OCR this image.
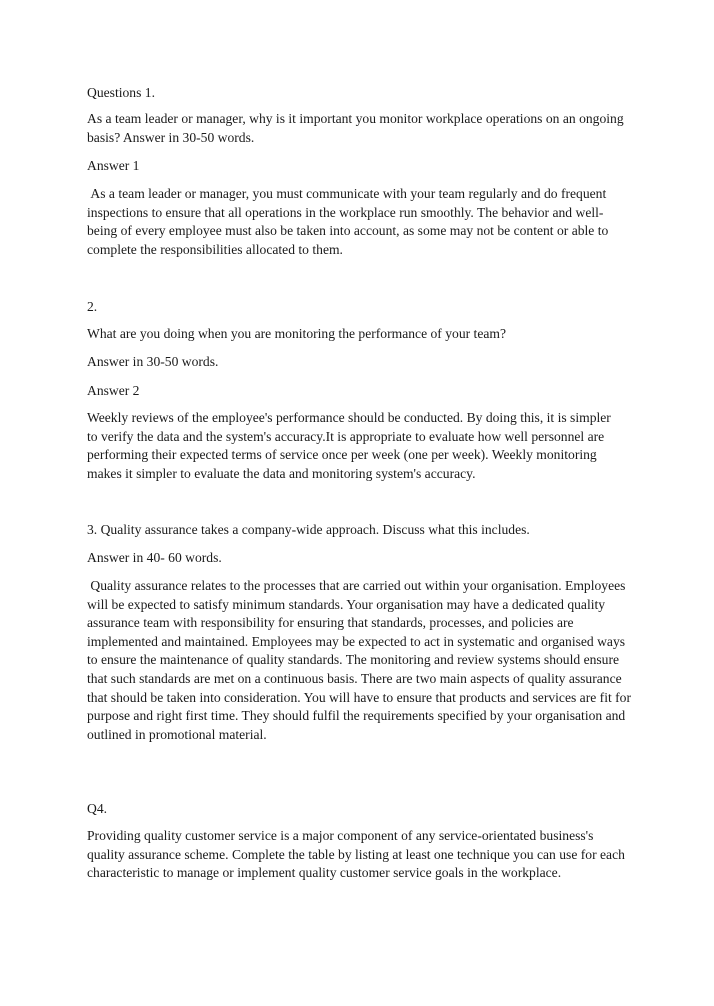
Questions 1.
As a team leader or manager, why is it important you monitor workplace operations on an ongoing basis? Answer in 30-50 words.
Answer 1
As a team leader or manager, you must communicate with your team regularly and do frequent inspections to ensure that all operations in the workplace run smoothly. The behavior and well-being of every employee must also be taken into account, as some may not be content or able to complete the responsibilities allocated to them.
2.
What are you doing when you are monitoring the performance of your team?
Answer in 30-50 words.
Answer 2
Weekly reviews of the employee's performance should be conducted. By doing this, it is simpler to verify the data and the system's accuracy.It is appropriate to evaluate how well personnel are performing their expected terms of service once per week (one per week). Weekly monitoring makes it simpler to evaluate the data and monitoring system's accuracy.
3. Quality assurance takes a company-wide approach. Discuss what this includes.
Answer in 40- 60 words.
Quality assurance relates to the processes that are carried out within your organisation. Employees will be expected to satisfy minimum standards. Your organisation may have a dedicated quality assurance team with responsibility for ensuring that standards, processes, and policies are implemented and maintained. Employees may be expected to act in systematic and organised ways to ensure the maintenance of quality standards. The monitoring and review systems should ensure that such standards are met on a continuous basis. There are two main aspects of quality assurance that should be taken into consideration. You will have to ensure that products and services are fit for purpose and right first time. They should fulfil the requirements specified by your organisation and outlined in promotional material.
Q4.
Providing quality customer service is a major component of any service-orientated business's quality assurance scheme. Complete the table by listing at least one technique you can use for each characteristic to manage or implement quality customer service goals in the workplace.
